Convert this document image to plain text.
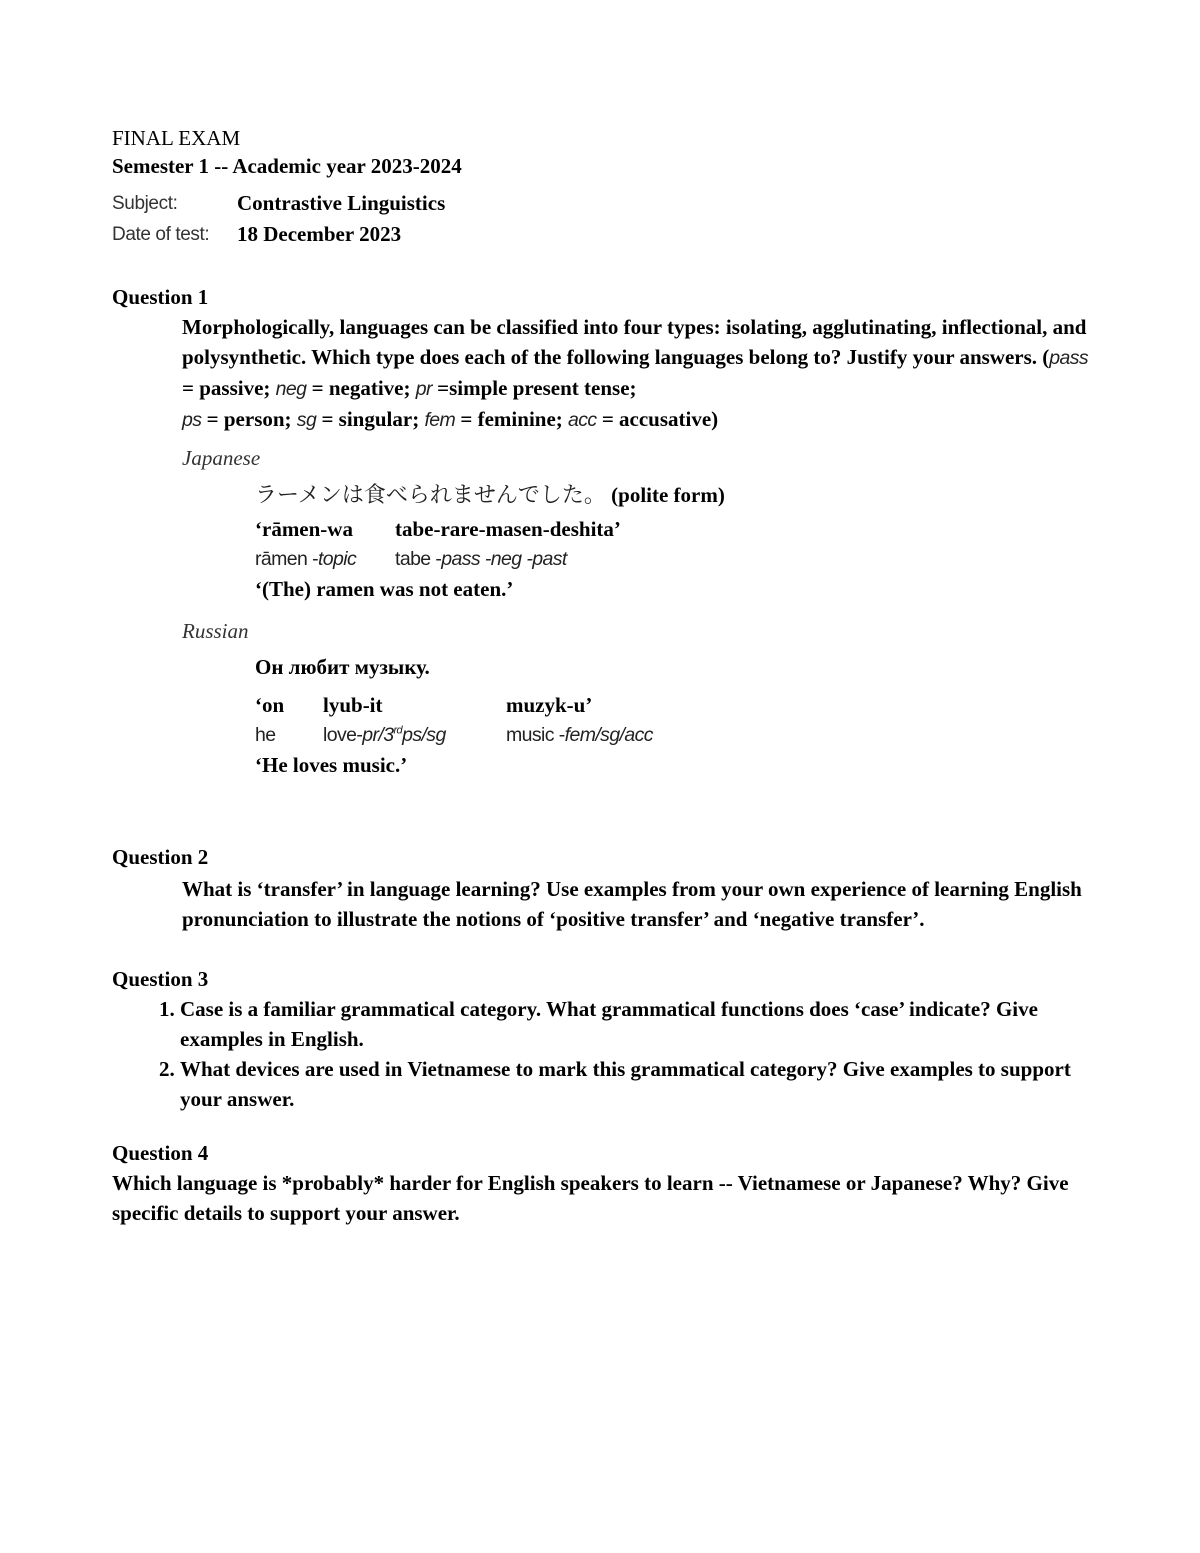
FINAL EXAM
Semester 1 -- Academic year 2023-2024
Subject:	Contrastive Linguistics
Date of test:	18 December 2023
Question 1
Morphologically, languages can be classified into four types: isolating, agglutinating, inflectional, and polysynthetic. Which type does each of the following languages belong to? Justify your answers. (pass = passive; neg = negative; pr =simple present tense;
ps = person; sg = singular; fem = feminine; acc = accusative)
Japanese
ラーメンは食べられませんでした。 (polite form)
‘rāmen-wa	tabe-rare-masen-deshita’
rāmen -topic	tabe -pass -neg -past
‘(The) ramen was not eaten.’
Russian
Он любит музыку.
‘on	lyub-it	muzyk-u’
he	love-pr/3rdps/sg	music -fem/sg/acc
‘He loves music.’
Question 2
What is ‘transfer’ in language learning? Use examples from your own experience of learning English pronunciation to illustrate the notions of ‘positive transfer’ and ‘negative transfer’.
Question 3
1. Case is a familiar grammatical category. What grammatical functions does ‘case’ indicate? Give examples in English.
2. What devices are used in Vietnamese to mark this grammatical category? Give examples to support your answer.
Question 4
Which language is *probably* harder for English speakers to learn -- Vietnamese or Japanese? Why? Give specific details to support your answer.
